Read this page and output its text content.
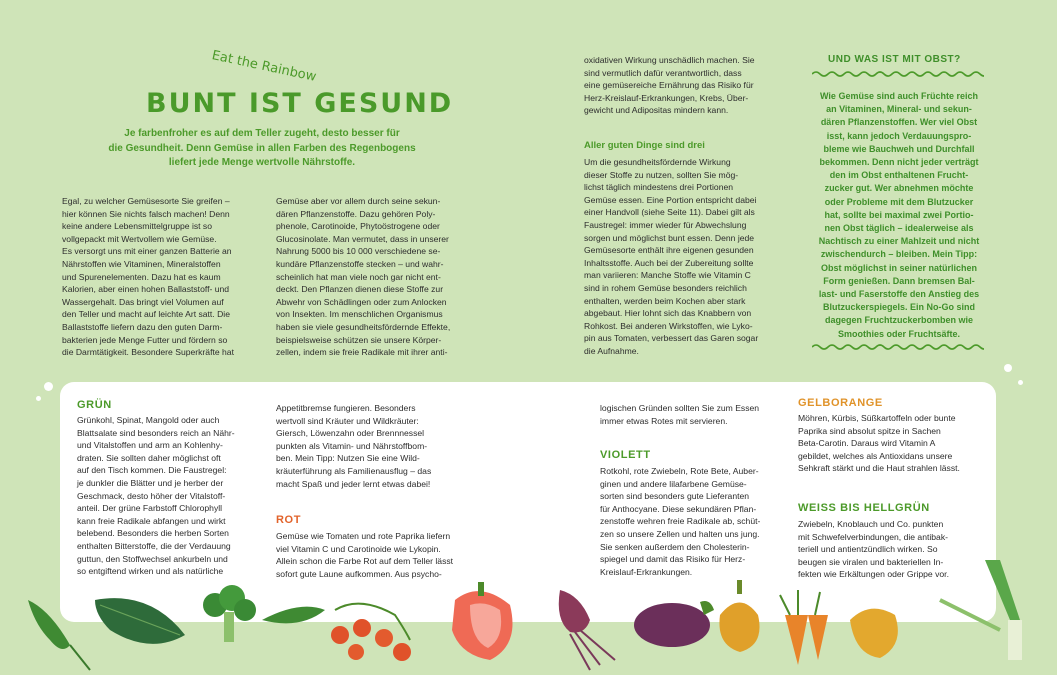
Eat the Rainbow
BUNT IST GESUND
Je farbenfroher es auf dem Teller zugeht, desto besser für
die Gesundheit. Denn Gemüse in allen Farben des Regenbogens
liefert jede Menge wertvolle Nährstoffe.
Egal, zu welcher Gemüsesorte Sie greifen –
hier können Sie nichts falsch machen! Denn
keine andere Lebensmittelgruppe ist so
vollgepackt mit Wertvollem wie Gemüse.
Es versorgt uns mit einer ganzen Batterie an
Nährstoffen wie Vitaminen, Mineralstoffen
und Spurenelementen. Dazu hat es kaum
Kalorien, aber einen hohen Ballaststoff- und
Wassergehalt. Das bringt viel Volumen auf
den Teller und macht auf leichte Art satt. Die
Ballaststoffe liefern dazu den guten Darm-
bakterien jede Menge Futter und fördern so
die Darmtätigkeit. Besondere Superkräfte hat
Gemüse aber vor allem durch seine sekun-
dären Pflanzenstoffe. Dazu gehören Poly-
phenole, Carotinoide, Phytoöstrogene oder
Glucosinolate. Man vermutet, dass in unserer
Nahrung 5000 bis 10 000 verschiedene se-
kundäre Pflanzenstoffe stecken – und wahr-
scheinlich hat man viele noch gar nicht ent-
deckt. Den Pflanzen dienen diese Stoffe zur
Abwehr von Schädlingen oder zum Anlocken
von Insekten. Im menschlichen Organismus
haben sie viele gesundheitsfördernde Effekte,
beispielsweise schützen sie unsere Körper-
zellen, indem sie freie Radikale mit ihrer anti-
oxidativen Wirkung unschädlich machen. Sie
sind vermutlich dafür verantwortlich, dass
eine gemüsereiche Ernährung das Risiko für
Herz-Kreislauf-Erkrankungen, Krebs, Über-
gewicht und Adipositas mindern kann.
Aller guten Dinge sind drei
Um die gesundheitsfördernde Wirkung
dieser Stoffe zu nutzen, sollten Sie mög-
lichst täglich mindestens drei Portionen
Gemüse essen. Eine Portion entspricht dabei
einer Handvoll (siehe Seite 11). Dabei gilt als
Faustregel: immer wieder für Abwechslung
sorgen und möglichst bunt essen. Denn jede
Gemüsesorte enthält ihre eigenen gesunden
Inhaltsstoffe. Auch bei der Zubereitung sollte
man variieren: Manche Stoffe wie Vitamin C
sind in rohem Gemüse besonders reichlich
enthalten, werden beim Kochen aber stark
abgebaut. Hier lohnt sich das Knabbern von
Rohkost. Bei anderen Wirkstoffen, wie Lyko-
pin aus Tomaten, verbessert das Garen sogar
die Aufnahme.
UND WAS IST MIT OBST?
Wie Gemüse sind auch Früchte reich
an Vitaminen, Mineral- und sekun-
dären Pflanzenstoffen. Wer viel Obst
isst, kann jedoch Verdauungspro-
bleme wie Bauchweh und Durchfall
bekommen. Denn nicht jeder verträgt
den im Obst enthaltenen Frucht-
zucker gut. Wer abnehmen möchte
oder Probleme mit dem Blutzucker
hat, sollte bei maximal zwei Portio-
nen Obst täglich – idealerweise als
Nachtisch zu einer Mahlzeit und nicht
zwischendurch – bleiben. Mein Tipp:
Obst möglichst in seiner natürlichen
Form genießen. Dann bremsen Bal-
last- und Faserstoffe den Anstieg des
Blutzuckerspiegels. Ein No-Go sind
dagegen Fruchtzuckerbomben wie
Smoothies oder Fruchtsäfte.
GRÜN
Grünkohl, Spinat, Mangold oder auch
Blattsalate sind besonders reich an Nähr-
und Vitalstoffen und arm an Kohlenhy-
draten. Sie sollten daher möglichst oft
auf den Tisch kommen. Die Faustregel:
je dunkler die Blätter und je herber der
Geschmack, desto höher der Vitalstoff-
anteil. Der grüne Farbstoff Chlorophyll
kann freie Radikale abfangen und wirkt
belebend. Besonders die herben Sorten
enthalten Bitterstoffe, die der Verdauung
guttun, den Stoffwechsel ankurbeln und
so entgiftend wirken und als natürliche
Appetitbremse fungieren. Besonders
wertvoll sind Kräuter und Wildkräuter:
Giersch, Löwenzahn oder Brennnessel
punkten als Vitamin- und Nährstoffbom-
ben. Mein Tipp: Nutzen Sie eine Wild-
kräuterführung als Familienausflug – das
macht Spaß und jeder lernt etwas dabei!
ROT
Gemüse wie Tomaten und rote Paprika liefern
viel Vitamin C und Carotinoide wie Lykopin.
Allein schon die Farbe Rot auf dem Teller lässt
sofort gute Laune aufkommen. Aus psycho-
logischen Gründen sollten Sie zum Essen
immer etwas Rotes mit servieren.
VIOLETT
Rotkohl, rote Zwiebeln, Rote Bete, Auber-
ginen und andere lilafarbene Gemüse-
sorten sind besonders gute Lieferanten
für Anthocyane. Diese sekundären Pflan-
zenstoffe wehren freie Radikale ab, schüt-
zen so unsere Zellen und halten uns jung.
Sie senken außerdem den Cholesterin-
spiegel und damit das Risiko für Herz-
Kreislauf-Erkrankungen.
GELBORANGE
Möhren, Kürbis, Süßkartoffeln oder bunte
Paprika sind absolut spitze in Sachen
Beta-Carotin. Daraus wird Vitamin A
gebildet, welches als Antioxidans unsere
Sehkraft stärkt und die Haut strahlen lässt.
WEISS BIS HELLGRÜN
Zwiebeln, Knoblauch und Co. punkten
mit Schwefelverbindungen, die antibak-
teriell und antientzündlich wirken. So
beugen sie viralen und bakteriellen In-
fekten wie Erkältungen oder Grippe vor.
